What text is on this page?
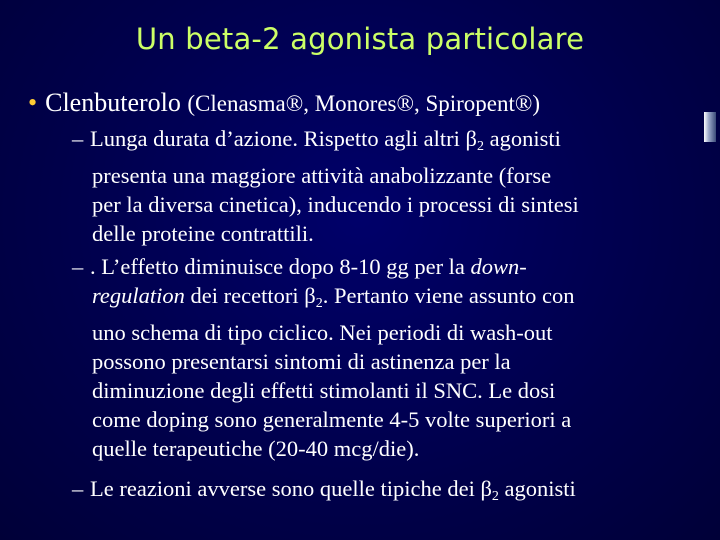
Un beta-2 agonista particolare
• Clenbuterolo (Clenasma®, Monores®, Spiropent®)
– Lunga durata d’azione. Rispetto agli altri $\beta_2$ agonisti
presenta una maggiore attività anabolizzante (forse
per la diversa cinetica), inducendo i processi di sintesi
delle proteine contrattili.
– . L’effetto diminuisce dopo 8-10 gg per la down-
regulation dei recettori $\beta_2$. Pertanto viene assunto con
uno schema di tipo ciclico. Nei periodi di wash-out
possono presentarsi sintomi di astinenza per la
diminuzione degli effetti stimolanti il SNC. Le dosi
come doping sono generalmente 4-5 volte superiori a
quelle terapeutiche (20-40 mcg/die).
– Le reazioni avverse sono quelle tipiche dei $\beta_2$ agonisti
